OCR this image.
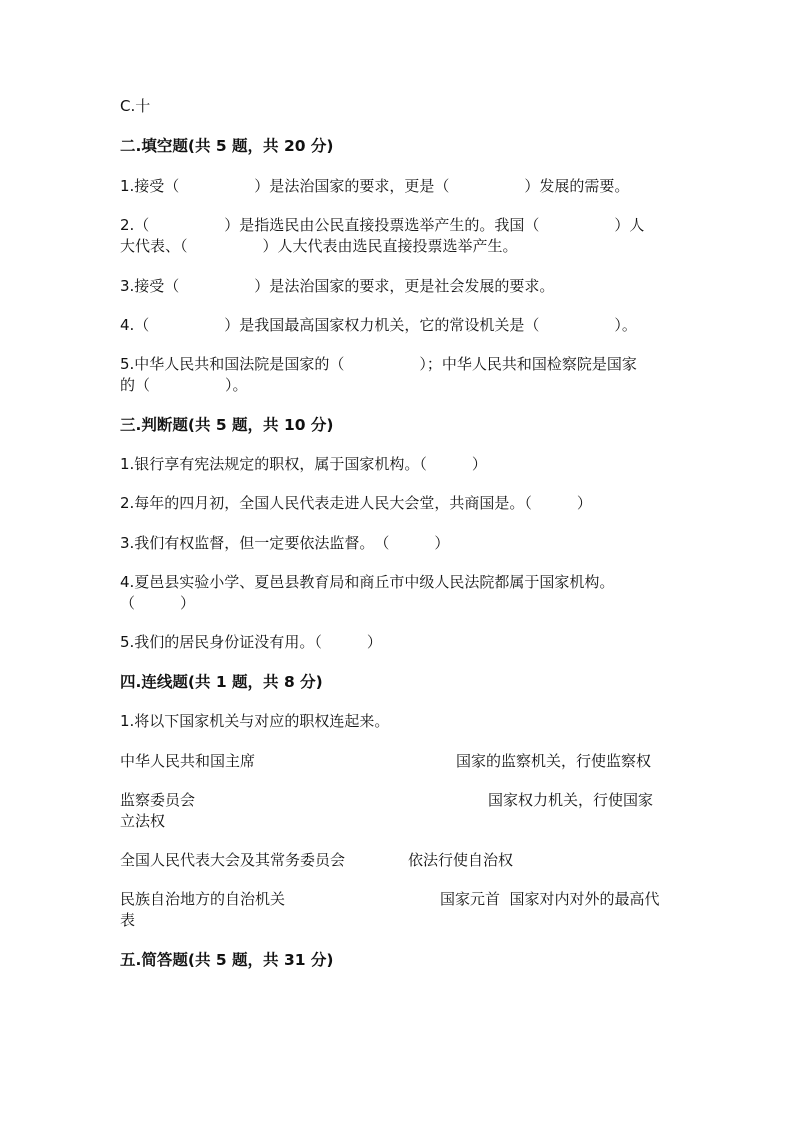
C.十
二.填空题(共 5 题，共 20 分)
1.接受（　　　　　）是法治国家的要求，更是（　　　　　）发展的需要。
2.（　　　　　）是指选民由公民直接投票选举产生的。我国（　　　　　）人
大代表、（　　　　　）人大代表由选民直接投票选举产生。
3.接受（　　　　　）是法治国家的要求，更是社会发展的要求。
4.（　　　　　）是我国最高国家权力机关，它的常设机关是（　　　　　）。
5.中华人民共和国法院是国家的（　　　　　）；中华人民共和国检察院是国家
的（　　　　　）。
三.判断题(共 5 题，共 10 分)
1.银行享有宪法规定的职权，属于国家机构。（　　　）
2.每年的四月初，全国人民代表走进人民大会堂，共商国是。（　　　）
3.我们有权监督，但一定要依法监督。　（　　　）
4.夏邑县实验小学、夏邑县教育局和商丘市中级人民法院都属于国家机构。
（　　　）
5.我们的居民身份证没有用。（　　　）
四.连线题(共 1 题，共 8 分)
1.将以下国家机关与对应的职权连起来。
中华人民共和国主席	国家的监察机关，行使监察权
监察委员会	国家权力机关，行使国家
立法权
全国人民代表大会及其常务委员会	依法行使自治权
民族自治地方的自治机关	国家元首  国家对内对外的最高代
表
五.简答题(共 5 题，共 31 分)
